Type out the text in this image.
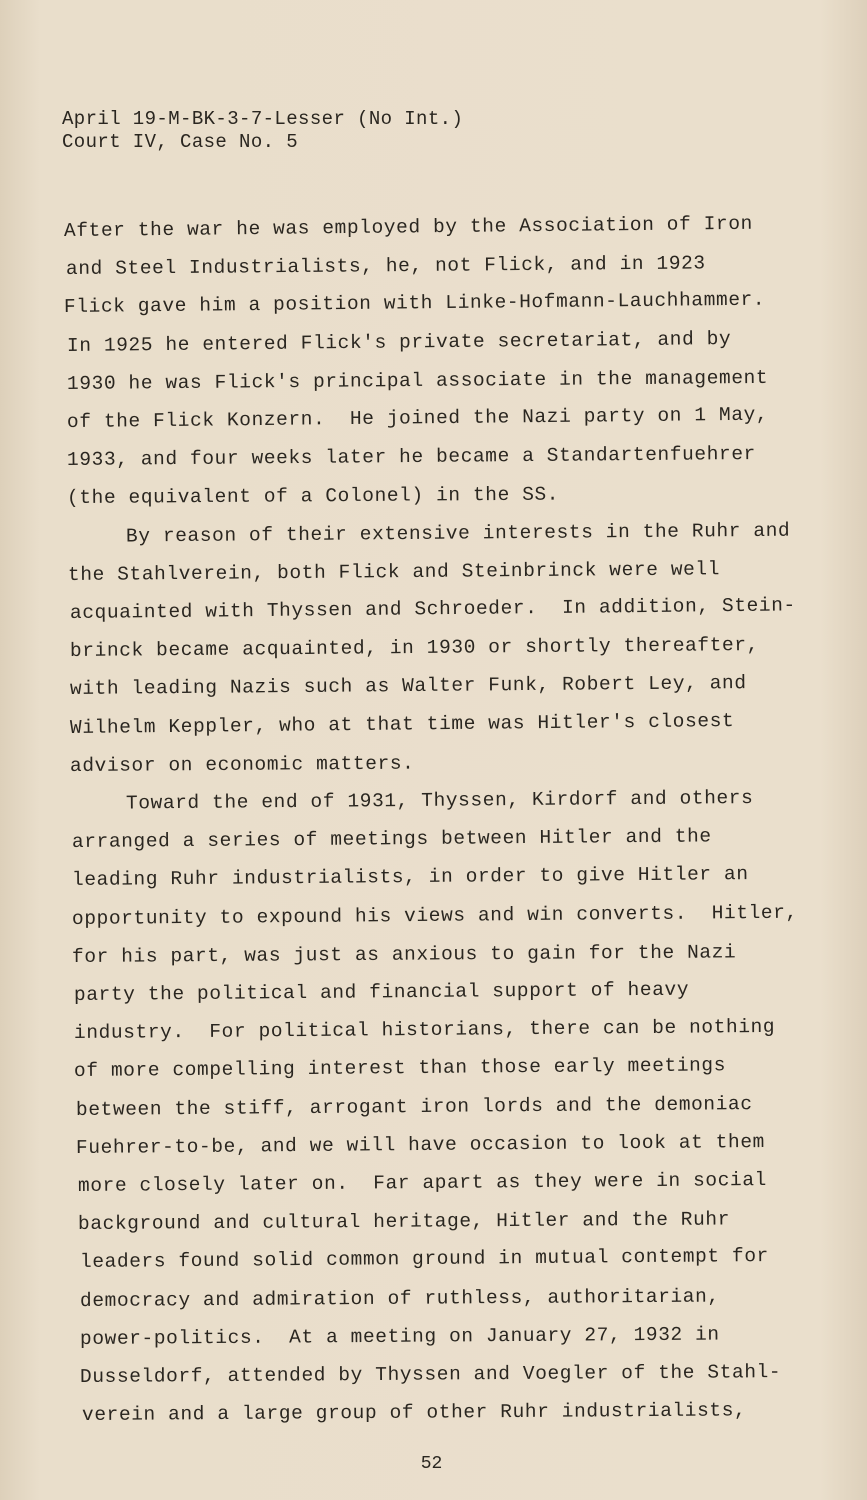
April 19-M-BK-3-7-Lesser (No Int.)
Court IV, Case No. 5
After the war he was employed by the Association of Iron
and Steel Industrialists, he, not Flick, and in 1923
Flick gave him a position with Linke-Hofmann-Lauchhammer.
In 1925 he entered Flick's private secretariat, and by
1930 he was Flick's principal associate in the management
of the Flick Konzern.  He joined the Nazi party on 1 May,
1933, and four weeks later he became a Standartenfuehrer
(the equivalent of a Colonel) in the SS.
By reason of their extensive interests in the Ruhr and
the Stahlverein, both Flick and Steinbrinck were well
acquainted with Thyssen and Schroeder.  In addition, Stein-
brinck became acquainted, in 1930 or shortly thereafter,
with leading Nazis such as Walter Funk, Robert Ley, and
Wilhelm Keppler, who at that time was Hitler's closest
advisor on economic matters.
Toward the end of 1931, Thyssen, Kirdorf and others
arranged a series of meetings between Hitler and the
leading Ruhr industrialists, in order to give Hitler an
opportunity to expound his views and win converts.  Hitler,
for his part, was just as anxious to gain for the Nazi
party the political and financial support of heavy
industry.  For political historians, there can be nothing
of more compelling interest than those early meetings
between the stiff, arrogant iron lords and the demoniac
Fuehrer-to-be, and we will have occasion to look at them
more closely later on.  Far apart as they were in social
background and cultural heritage, Hitler and the Ruhr
leaders found solid common ground in mutual contempt for
democracy and admiration of ruthless, authoritarian,
power-politics.  At a meeting on January 27, 1932 in
Dusseldorf, attended by Thyssen and Voegler of the Stahl-
verein and a large group of other Ruhr industrialists,
52
